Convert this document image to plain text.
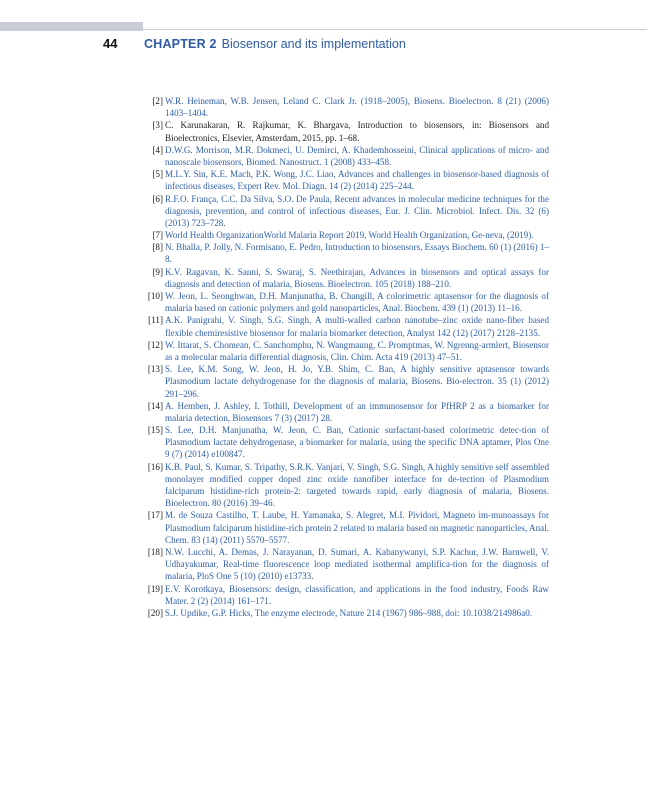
44	CHAPTER 2 Biosensor and its implementation
[2] W.R. Heineman, W.B. Jensen, Leland C. Clark Jr. (1918–2005), Biosens. Bioelectron. 8 (21) (2006) 1403–1404.
[3] C. Karunakaran, R. Rajkumar, K. Bhargava, Introduction to biosensors, in: Biosensors and Bioelectronics, Elsevier, Amsterdam, 2015, pp. 1–68.
[4] D.W.G. Morrison, M.R. Dokmeci, U. Demirci, A. Khademhosseini, Clinical applications of micro- and nanoscale biosensors, Biomed. Nanostruct. 1 (2008) 433–458.
[5] M.L.Y. Sin, K.E. Mach, P.K. Wong, J.C. Liao, Advances and challenges in biosensor-based diagnosis of infectious diseases, Expert Rev. Mol. Diagn. 14 (2) (2014) 225–244.
[6] R.F.O. França, C.C. Da Silva, S.O. De Paula, Recent advances in molecular medicine techniques for the diagnosis, prevention, and control of infectious diseases, Eur. J. Clin. Microbiol. Infect. Dis. 32 (6) (2013) 723–728.
[7] World Health OrganizationWorld Malaria Report 2019, World Health Organization, Ge-neva, (2019).
[8] N. Bhalla, P. Jolly, N. Formisano, E. Pedro, Introduction to biosensors, Essays Biochem. 60 (1) (2016) 1–8.
[9] K.V. Ragavan, K. Sanni, S. Swaraj, S. Neethirajan, Advances in biosensors and optical assays for diagnosis and detection of malaria, Biosens. Bioelectron. 105 (2018) 188–210.
[10] W. Jeon, L. Seonghwan, D.H. Manjunatha, B. Changill, A colorimetric aptasensor for the diagnosis of malaria based on cationic polymers and gold nanoparticles, Anal. Biochem. 439 (1) (2013) 11–16.
[11] A.K. Panigrahi, V. Singh, S.G. Singh, A multi-walled carbon nanotube–zinc oxide nano-fiber based flexible chemiresistive biosensor for malaria biomarker detection, Analyst 142 (12) (2017) 2128–2135.
[12] W. Ittarat, S. Chomean, C. Sanchomphu, N. Wangmaung, C. Promptmas, W. Ngrenng-armlert, Biosensor as a molecular malaria differential diagnosis, Clin. Chim. Acta 419 (2013) 47–51.
[13] S. Lee, K.M. Song, W. Jeon, H. Jo, Y.B. Shim, C. Ban, A highly sensitive aptasensor towards Plasmodium lactate dehydrogenase for the diagnosis of malaria, Biosens. Bio-electron. 35 (1) (2012) 291–296.
[14] A. Hemben, J. Ashley, I. Tothill, Development of an immunosensor for PfHRP 2 as a biomarker for malaria detection, Biosensors 7 (3) (2017) 28.
[15] S. Lee, D.H. Manjunatha, W. Jeon, C. Ban, Cationic surfactant-based colorimetric detec-tion of Plasmodium lactate dehydrogenase, a biomarker for malaria, using the specific DNA aptamer, Plos One 9 (7) (2014) e100847.
[16] K.B. Paul, S. Kumar, S. Tripathy, S.R.K. Vanjari, V. Singh, S.G. Singh, A highly sensitive self assembled monolayer modified copper doped zinc oxide nanofiber interface for de-tection of Plasmodium falciparum histidine-rich protein-2: targeted towards rapid, early diagnosis of malaria, Biosens. Bioelectron. 80 (2016) 39–46.
[17] M. de Souza Castilho, T. Laube, H. Yamanaka, S. Alegret, M.I. Pividori, Magneto im-munoassays for Plasmodium falciparum histidine-rich protein 2 related to malaria based on magnetic nanoparticles, Anal. Chem. 83 (14) (2011) 5570–5577.
[18] N.W. Lucchi, A. Demas, J. Narayanan, D. Sumari, A. Kabanywanyi, S.P. Kachur, J.W. Barnwell, V. Udhayakumar, Real-time fluorescence loop mediated isothermal amplifica-tion for the diagnosis of malaria, PloS One 5 (10) (2010) e13733.
[19] E.V. Korotkaya, Biosensors: design, classification, and applications in the food industry, Foods Raw Mater. 2 (2) (2014) 161–171.
[20] S.J. Updike, G.P. Hicks, The enzyme electrode, Nature 214 (1967) 986–988, doi: 10.1038/214986a0.
